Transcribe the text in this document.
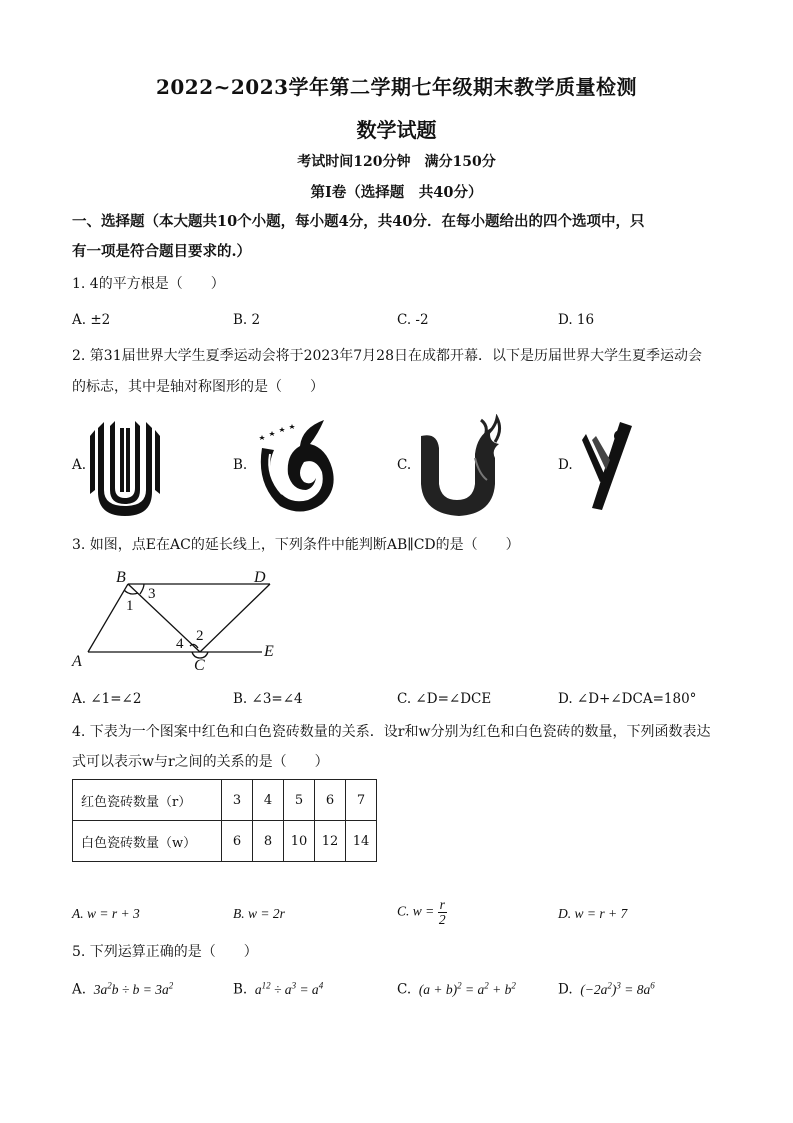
2022~2023学年第二学期七年级期末教学质量检测
数学试题
考试时间120分钟　满分150分
第Ⅰ卷（选择题　共40分）
一、选择题（本大题共10个小题，每小题4分，共40分．在每小题给出的四个选项中，只
有一项是符合题目要求的.）
1. 4的平方根是（　　）
A. ±2	B. 2	C. -2	D. 16
2. 第31届世界大学生夏季运动会将于2023年7月28日在成都开幕．以下是历届世界大学生夏季运动会
的标志，其中是轴对称图形的是（　　）
A.	B.	C.	D.
3. 如图，点E在AC的延长线上，下列条件中能判断AB∥CD的是（　　）
B	D
A	C
E
1
3
2
4
A. ∠1=∠2	B. ∠3=∠4	C. ∠D=∠DCE	D. ∠D+∠DCA=180°
4. 下表为一个图案中红色和白色瓷砖数量的关系．设r和w分别为红色和白色瓷砖的数量，下列函数表达
式可以表示w与r之间的关系的是（　　）
红色瓷砖数量（r）	3	4	5	6	7
白色瓷砖数量（w）	6	8	10	12	14
A. w = r + 3	B. w = 2r	C. $w = \frac{r}{2}$	D. w = r + 7
5. 下列运算正确的是（　　）
A.  $3a^2b \div b = 3a^2$	B.  $a^{12} \div a^3 = a^4$	C.  $(a + b)^2 = a^2 + b^2$	D.  $(-2a^2)^3 = 8a^6$
